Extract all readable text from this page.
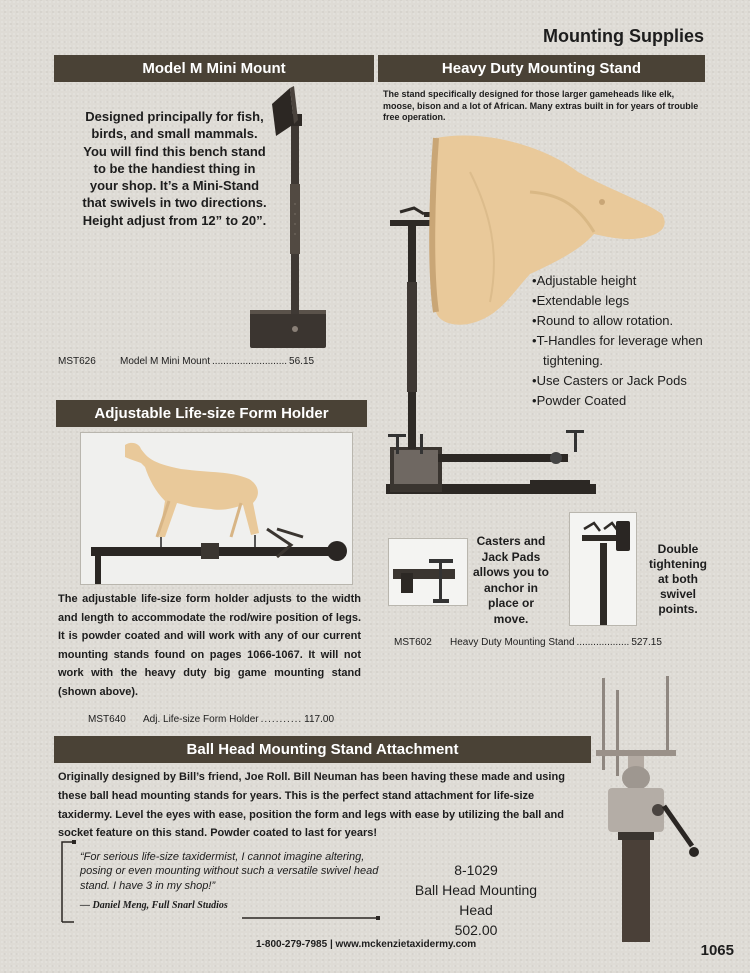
Mounting Supplies
Model M Mini Mount
Designed principally for fish, birds, and small mammals. You will find this bench stand to be the handiest thing in your shop. It’s a Mini-Stand that swivels in two directions. Height adjust from 12” to 20”.
MST626 Model M Mini Mount ........................... 56.15
Heavy Duty Mounting Stand
The stand specifically designed for those larger gameheads like elk, moose, bison and a lot of African. Many extras built in for years of trouble free operation.
• Adjustable height
• Extendable legs
• Round to allow rotation.
• T-Handles for leverage when tightening.
• Use Casters or Jack Pods
• Powder Coated
Casters and Jack Pads allows you to anchor in place or move.
Double tightening at both swivel points.
MST602 Heavy Duty Mounting Stand ................... 527.15
Adjustable Life-size Form Holder
The adjustable life-size form holder adjusts to the width and length to accommodate the rod/wire position of legs. It is powder coated and will work with any of our current mounting stands found on pages 1066-1067. It will not work with the heavy duty big game mounting stand (shown above).
MST640 Adj. Life-size Form Holder ........... 117.00
Ball Head Mounting Stand Attachment
Originally designed by Bill’s friend, Joe Roll. Bill Neuman has been having these made and using these ball head mounting stands for years. This is the perfect stand attachment for life-size taxidermy. Level the eyes with ease, position the form and legs with ease by utilizing the ball and socket feature on this stand. Powder coated to last for years!
“For serious life-size taxidermist, I cannot imagine altering, posing or even mounting without such a versatile swivel head stand. I have 3 in my shop!”
— Daniel Meng, Full Snarl Studios
8-1029
Ball Head Mounting Head
502.00
1-800-279-7985 | www.mckenzietaxidermy.com	1065
